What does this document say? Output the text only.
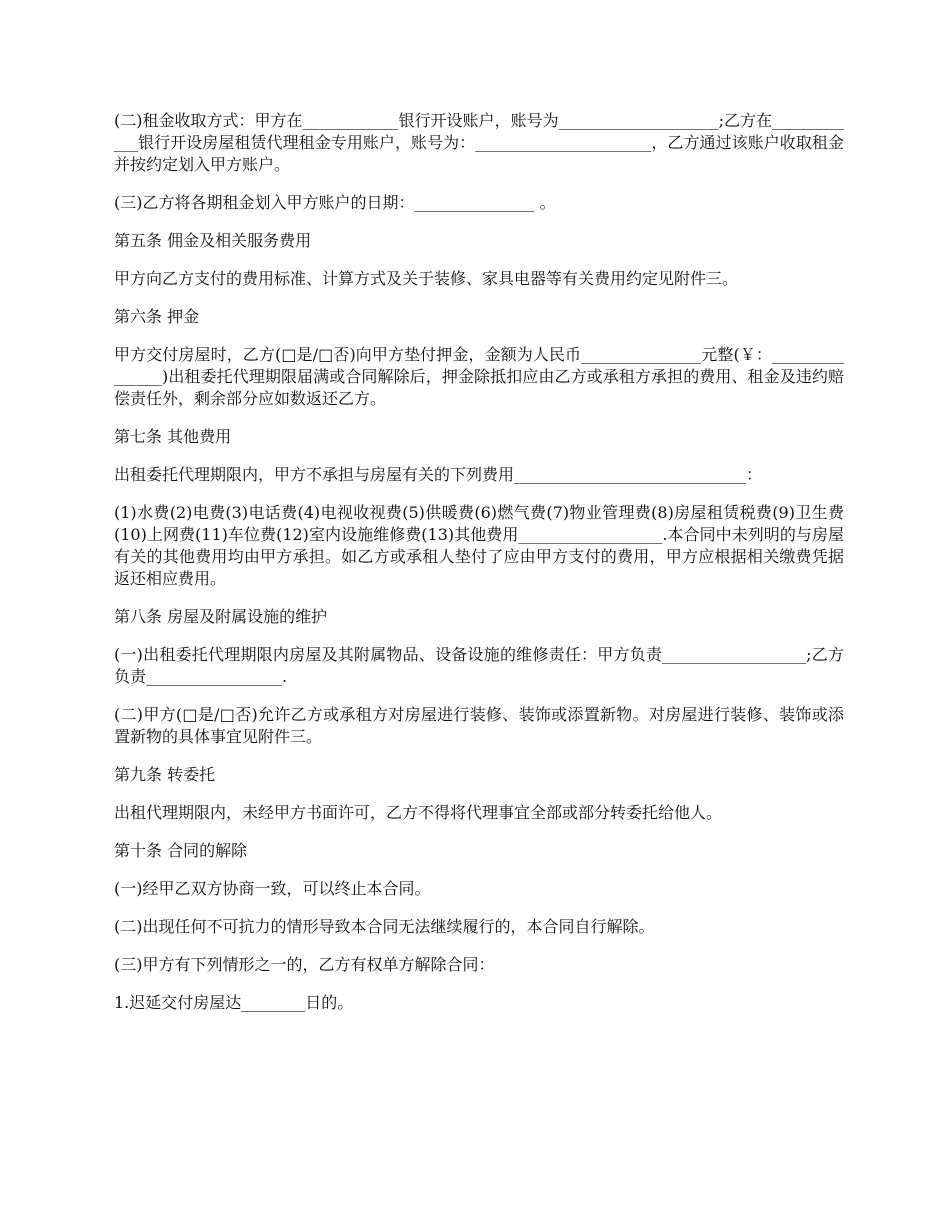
(二)租金收取方式：甲方在____________银行开设账户，账号为____________________;乙方在____________银行开设房屋租赁代理租金专用账户，账号为：______________________，乙方通过该账户收取租金并按约定划入甲方账户。

(三)乙方将各期租金划入甲方账户的日期：_______________ 。

第五条 佣金及相关服务费用

甲方向乙方支付的费用标准、计算方式及关于装修、家具电器等有关费用约定见附件三。

第六条 押金

甲方交付房屋时，乙方(□是/□否)向甲方垫付押金，金额为人民币_______________元整(￥：_______________)出租委托代理期限届满或合同解除后，押金除抵扣应由乙方或承租方承担的费用、租金及违约赔偿责任外，剩余部分应如数返还乙方。

第七条 其他费用

出租委托代理期限内，甲方不承担与房屋有关的下列费用_____________________________：

(1)水费(2)电费(3)电话费(4)电视收视费(5)供暖费(6)燃气费(7)物业管理费(8)房屋租赁税费(9)卫生费(10)上网费(11)车位费(12)室内设施维修费(13)其他费用__________________.本合同中未列明的与房屋有关的其他费用均由甲方承担。如乙方或承租人垫付了应由甲方支付的费用，甲方应根据相关缴费凭据返还相应费用。

第八条 房屋及附属设施的维护

(一)出租委托代理期限内房屋及其附属物品、设备设施的维修责任：甲方负责__________________;乙方负责_________________.

(二)甲方(□是/□否)允许乙方或承租方对房屋进行装修、装饰或添置新物。对房屋进行装修、装饰或添置新物的具体事宜见附件三。

第九条 转委托

出租代理期限内，未经甲方书面许可，乙方不得将代理事宜全部或部分转委托给他人。

第十条 合同的解除

(一)经甲乙双方协商一致，可以终止本合同。

(二)出现任何不可抗力的情形导致本合同无法继续履行的，本合同自行解除。

(三)甲方有下列情形之一的，乙方有权单方解除合同：

1.迟延交付房屋达________日的。
